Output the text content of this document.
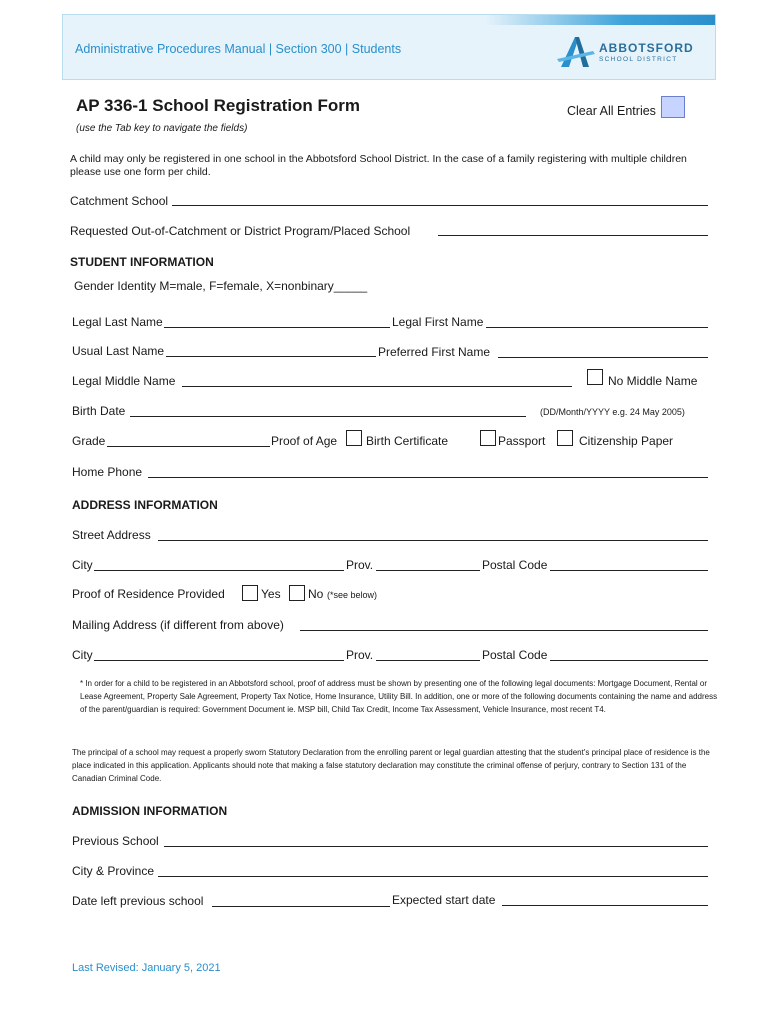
Administrative Procedures Manual | Section 300 | Students	ABBOTSFORD
SCHOOL DISTRICT
AP 336-1 School Registration Form
(use the Tab key to navigate the fields)
Clear All Entries
A child may only be registered in one school in the Abbotsford School District. In the case of a family registering with multiple children please use one form per child.
Catchment School
Requested Out-of-Catchment or District Program/Placed School
STUDENT INFORMATION
Gender Identity M=male, F=female, X=nonbinary_____
Legal Last Name	Legal First Name
Usual Last Name	Preferred First Name
Legal Middle Name	No Middle Name
Birth Date	(DD/Month/YYYY e.g. 24 May 2005)
Grade	Proof of Age Birth Certificate	Passport	Citizenship Paper
Home Phone
ADDRESS INFORMATION
Street Address
City	Prov.	Postal Code
Proof of Residence Provided	Yes No (*see below)
Mailing Address (if different from above)
City	Prov.	Postal Code
* In order for a child to be registered in an Abbotsford school, proof of address must be shown by presenting one of the following legal documents: Mortgage Document, Rental or Lease Agreement, Property Sale Agreement, Property Tax Notice, Home Insurance, Utility Bill. In addition, one or more of the following documents containing the name and address of the parent/guardian is required: Government Document ie. MSP bill, Child Tax Credit, Income Tax Assessment, Vehicle Insurance, most recent T4.
The principal of a school may request a properly sworn Statutory Declaration from the enrolling parent or legal guardian attesting that the student's principal place of residence is the place indicated in this application. Applicants should note that making a false statutory declaration may constitute the criminal offense of perjury, contrary to Section 131 of the Canadian Criminal Code.
ADMISSION INFORMATION
Previous School
City & Province
Date left previous school	Expected start date
Last Revised: January 5, 2021
